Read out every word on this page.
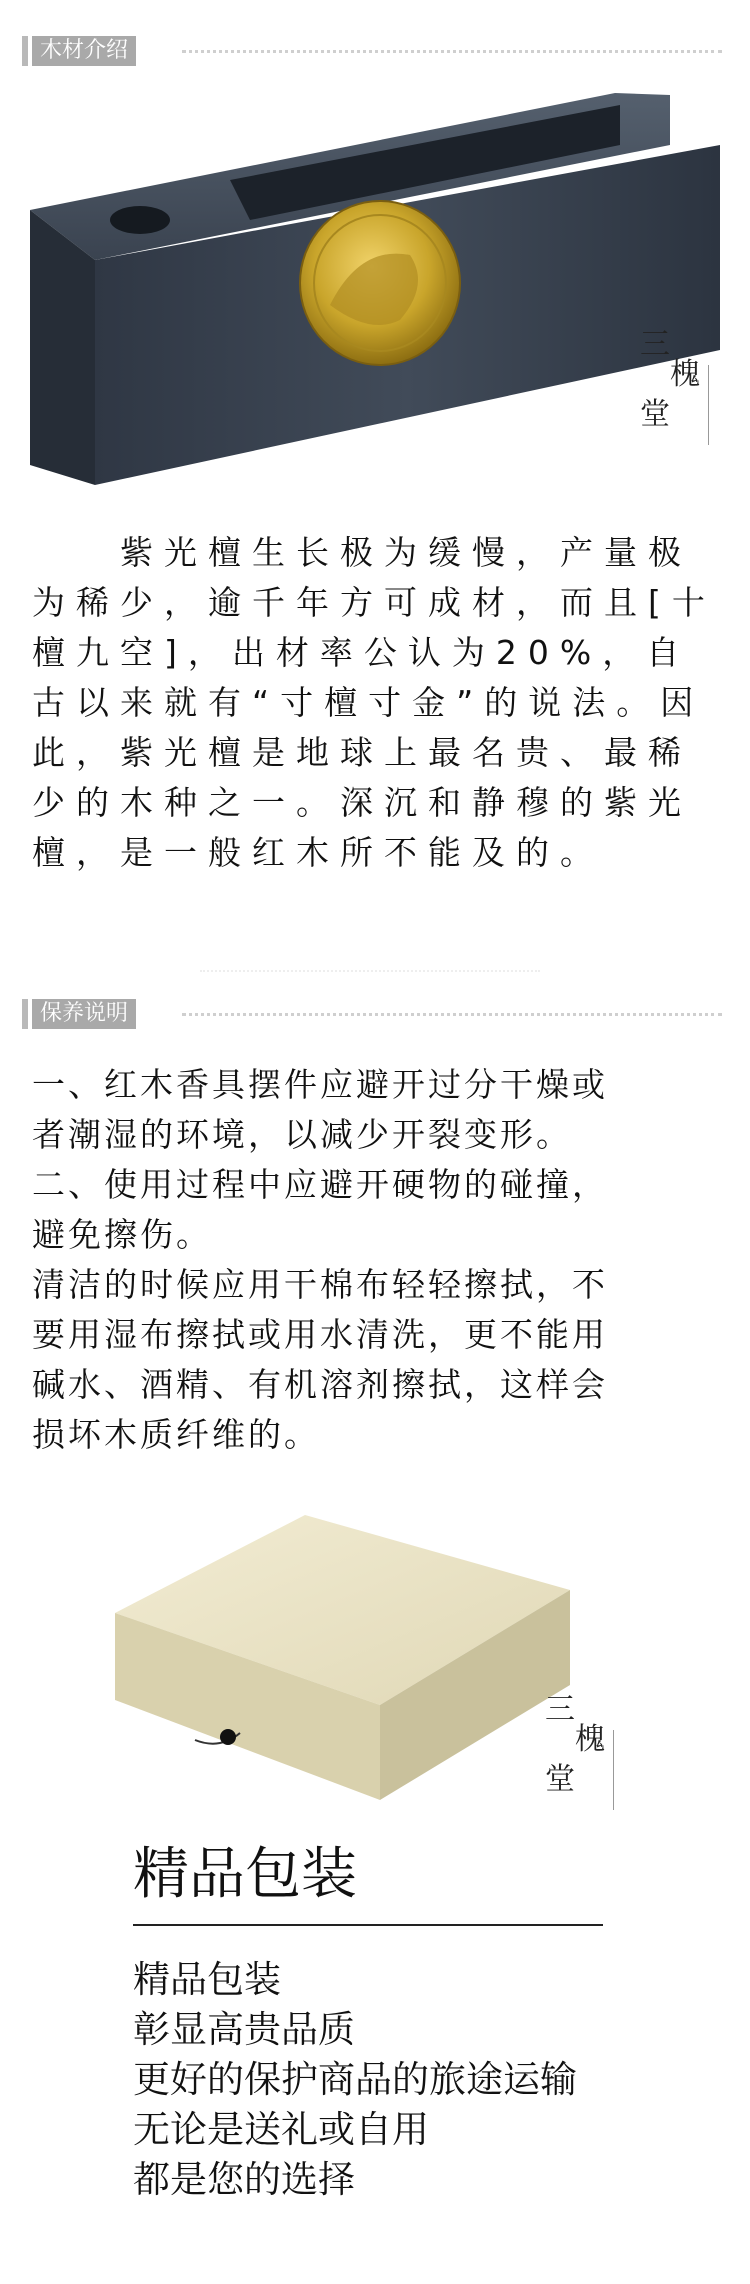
木材介绍
三
槐
堂
　　紫光檀生长极为缓慢，产量极为稀少，逾千年方可成材，而且[十檀九空]，出材率公认为20%，自古以来就有“寸檀寸金”的说法。因此，紫光檀是地球上最名贵、最稀少的木种之一。深沉和静穆的紫光檀，是一般红木所不能及的。
保养说明
一、红木香具摆件应避开过分干燥或
者潮湿的环境，以减少开裂变形。
二、使用过程中应避开硬物的碰撞，
避免擦伤。
清洁的时候应用干棉布轻轻擦拭，不
要用湿布擦拭或用水清洗，更不能用
碱水、酒精、有机溶剂擦拭，这样会
损坏木质纤维的。
三
槐
堂
精品包装
精品包装
彰显高贵品质
更好的保护商品的旅途运输
无论是送礼或自用
都是您的选择
